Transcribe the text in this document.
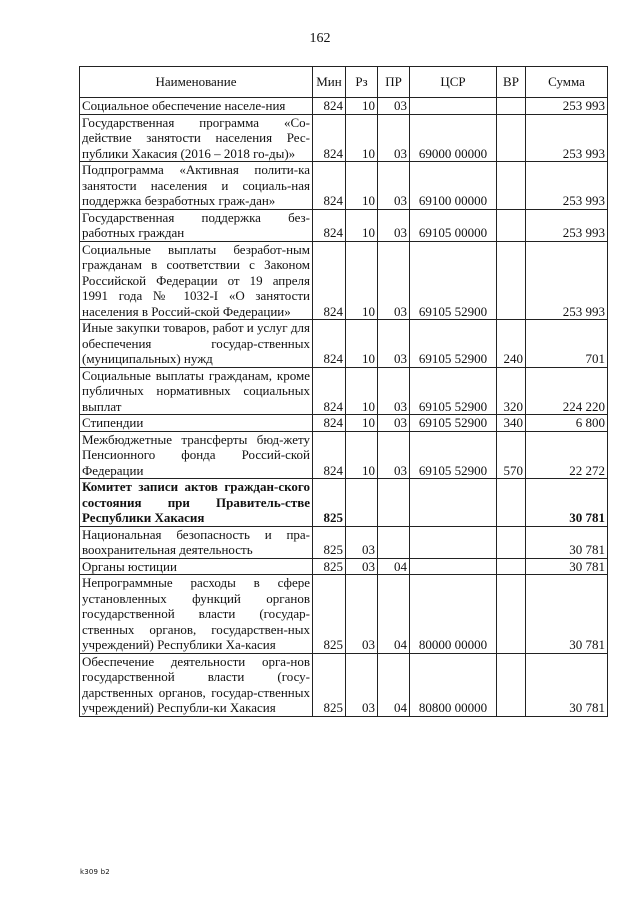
162
Наименование	Мин	Рз	ПР	ЦСР	ВР	Сумма
Социальное обеспечение населе-ния	824	10	03			253 993
Государственная программа «Со-действие занятости населения Рес-публики Хакасия (2016 – 2018 го-ды)»	824	10	03	69000 00000		253 993
Подпрограмма «Активная полити-ка занятости населения и социаль-ная поддержка безработных граж-дан»	824	10	03	69100 00000		253 993
Государственная поддержка без-работных граждан	824	10	03	69105 00000		253 993
Социальные выплаты безработ-ным гражданам в соответствии с Законом Российской Федерации от 19 апреля 1991 года № 1032-I «О занятости населения в Россий-ской Федерации»	824	10	03	69105 52900		253 993
Иные закупки товаров, работ и услуг для обеспечения государ-ственных (муниципальных) нужд	824	10	03	69105 52900	240	701
Социальные выплаты гражданам, кроме публичных нормативных социальных выплат	824	10	03	69105 52900	320	224 220
Стипендии	824	10	03	69105 52900	340	6 800
Межбюджетные трансферты бюд-жету Пенсионного фонда Россий-ской Федерации	824	10	03	69105 52900	570	22 272
Комитет записи актов граждан-ского состояния при Правитель-стве Республики Хакасия	825					30 781
Национальная безопасность и пра-воохранительная деятельность	825	03				30 781
Органы юстиции	825	03	04			30 781
Непрограммные расходы в сфере установленных функций органов государственной власти (государ-ственных органов, государствен-ных учреждений) Республики Ха-касия	825	03	04	80000 00000		30 781
Обеспечение деятельности орга-нов государственной власти (госу-дарственных органов, государ-ственных учреждений) Республи-ки Хакасия	825	03	04	80800 00000		30 781
k309 b2
